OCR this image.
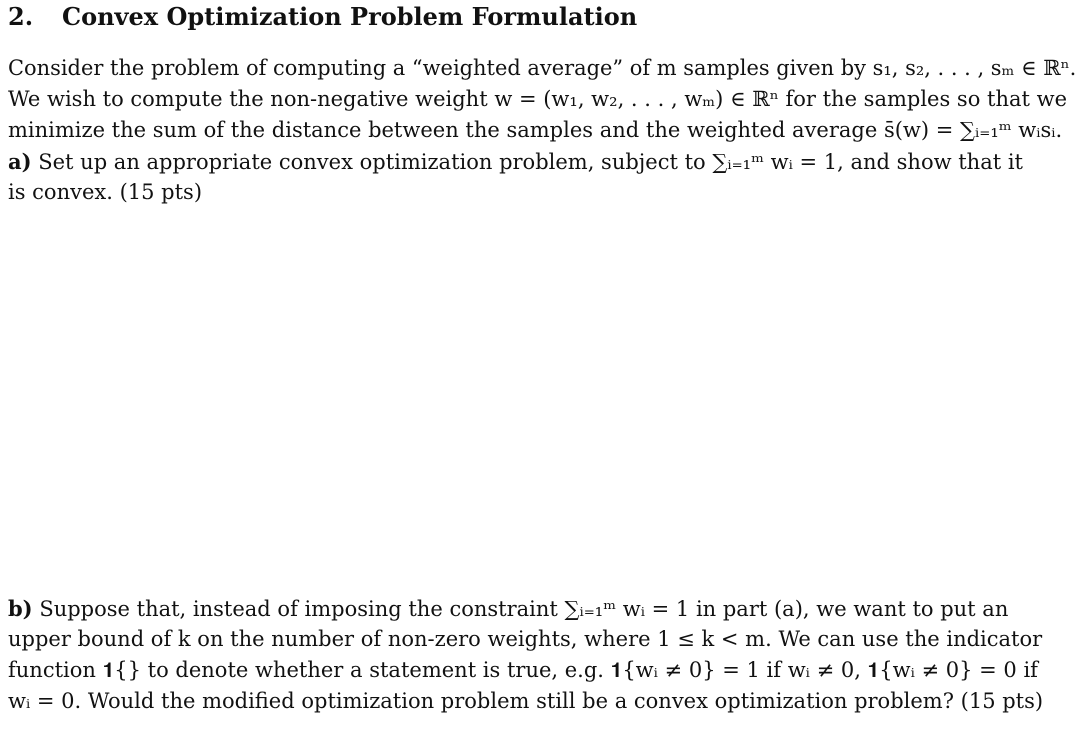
2. Convex Optimization Problem Formulation
Consider the problem of computing a “weighted average” of m samples given by s₁, s₂, . . . , sₘ ∈ ℝⁿ.
We wish to compute the non-negative weight w = (w₁, w₂, . . . , wₘ) ∈ ℝⁿ for the samples so that we
minimize the sum of the distance between the samples and the weighted average s̄(w) = ∑ᵢ₌₁ᵐ wᵢsᵢ.
a) Set up an appropriate convex optimization problem, subject to ∑ᵢ₌₁ᵐ wᵢ = 1, and show that it
is convex. (15 pts)
b) Suppose that, instead of imposing the constraint ∑ᵢ₌₁ᵐ wᵢ = 1 in part (a), we want to put an
upper bound of k on the number of non-zero weights, where 1 ≤ k < m. We can use the indicator
function 𝟏{} to denote whether a statement is true, e.g. 𝟏{wᵢ ≠ 0} = 1 if wᵢ ≠ 0, 𝟏{wᵢ ≠ 0} = 0 if
wᵢ = 0. Would the modified optimization problem still be a convex optimization problem? (15 pts)
